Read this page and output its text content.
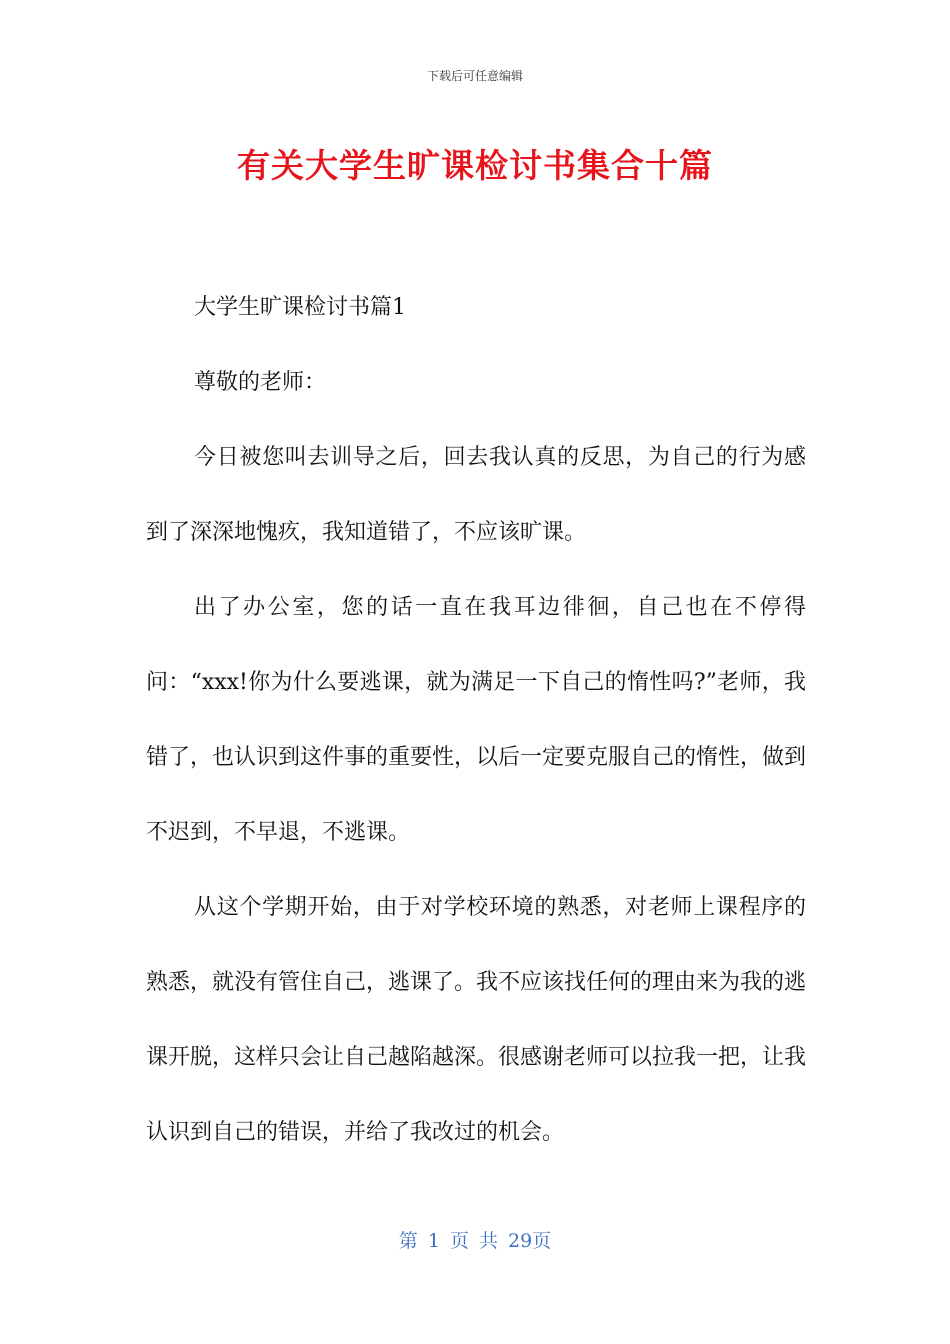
下载后可任意编辑
有关大学生旷课检讨书集合十篇

大学生旷课检讨书篇1

尊敬的老师：

今日被您叫去训导之后，回去我认真的反思，为自己的行为感到了深深地愧疚，我知道错了，不应该旷课。

出了办公室，您的话一直在我耳边徘徊，自己也在不停得问：“xxx!你为什么要逃课，就为满足一下自己的惰性吗?”老师，我错了，也认识到这件事的重要性，以后一定要克服自己的惰性，做到不迟到，不早退，不逃课。

从这个学期开始，由于对学校环境的熟悉，对老师上课程序的熟悉，就没有管住自己，逃课了。我不应该找任何的理由来为我的逃课开脱，这样只会让自己越陷越深。很感谢老师可以拉我一把，让我认识到自己的错误，并给了我改过的机会。

第 1 页 共 29页
